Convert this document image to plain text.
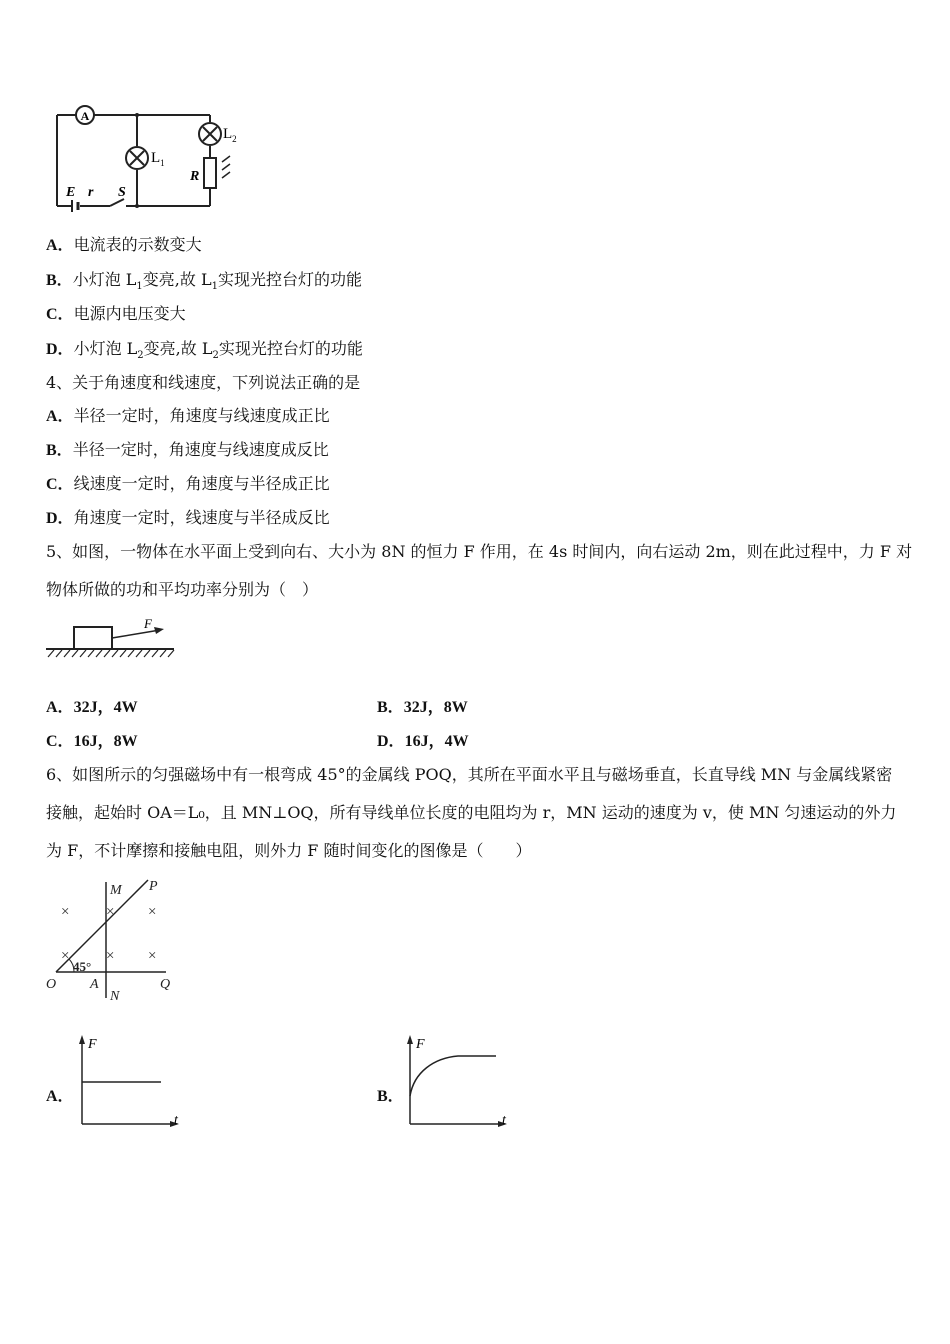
A
$L_1$
$L_2$
R
E r S
A．电流表的示数变大
B．小灯泡 $L_1$变亮,故 $L_1$实现光控台灯的功能
C．电源内电压变大
D．小灯泡 $L_2$变亮,故 $L_2$实现光控台灯的功能
4、关于角速度和线速度，下列说法正确的是
A．半径一定时，角速度与线速度成正比
B．半径一定时，角速度与线速度成反比
C．线速度一定时，角速度与半径成正比
D．角速度一定时，线速度与半径成反比
5、如图，一物体在水平面上受到向右、大小为 8N 的恒力 F 作用，在 4s 时间内，向右运动 2m，则在此过程中，力 F 对
物体所做的功和平均功率分别为（　）
F
A．32J，4W	B．32J，8W
C．16J，8W	D．16J，4W
6、如图所示的匀强磁场中有一根弯成 45°的金属线 POQ，其所在平面水平且与磁场垂直，长直导线 MN 与金属线紧密
接触，起始时 OA＝L₀，且 MN⊥OQ，所有导线单位长度的电阻均为 r，MN 运动的速度为 v，使 MN 匀速运动的外力
为 F，不计摩擦和接触电阻，则外力 F 随时间变化的图像是（　　）
× × ×
× × ×
M P
O A
N
Q
45°
A．
F
t
B．
F
t
